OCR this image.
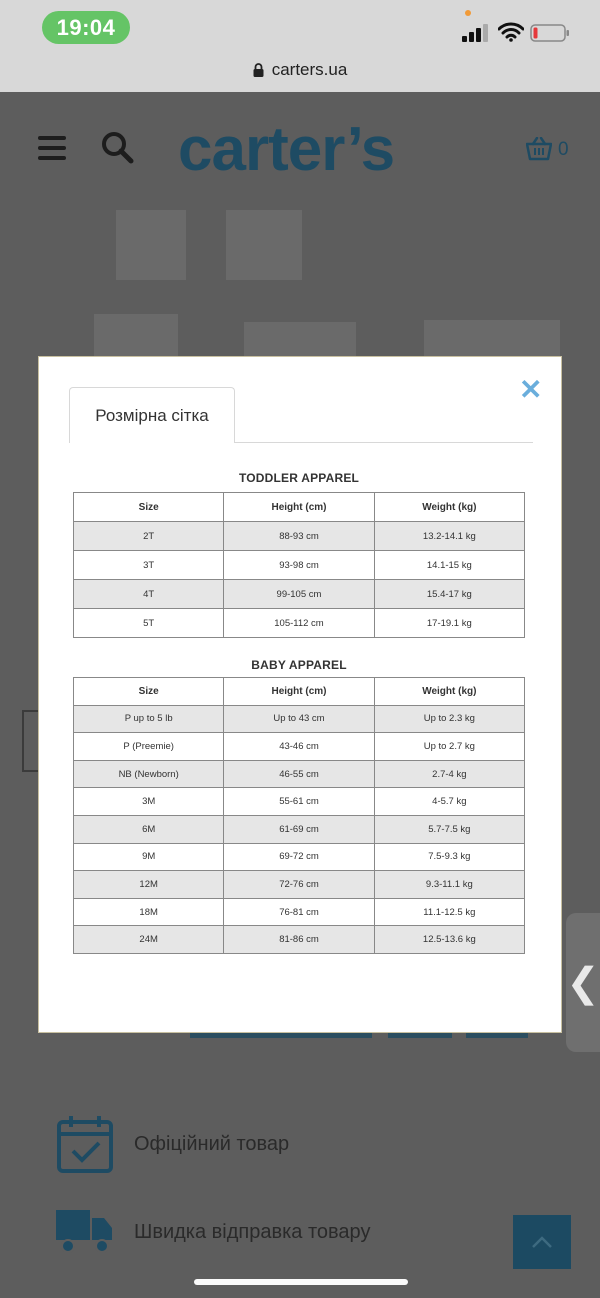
19:04
carters.ua
carter’s	0
❮
Офіційний товар
Швидка відправка товару
✕
Розмірна сітка
TODDLER APPAREL
Size	Height (cm)	Weight (kg)
2T	88-93 cm	13.2-14.1 kg
3T	93-98 cm	14.1-15 kg
4T	99-105 cm	15.4-17 kg
5T	105-112 cm	17-19.1 kg
BABY APPAREL
Size	Height (cm)	Weight (kg)
P up to 5 lb	Up to 43 cm	Up to 2.3 kg
P (Preemie)	43-46 cm	Up to 2.7 kg
NB (Newborn)	46-55 cm	2.7-4 kg
3M	55-61 cm	4-5.7 kg
6M	61-69 cm	5.7-7.5 kg
9M	69-72 cm	7.5-9.3 kg
12M	72-76 cm	9.3-11.1 kg
18M	76-81 cm	11.1-12.5 kg
24M	81-86 cm	12.5-13.6 kg
